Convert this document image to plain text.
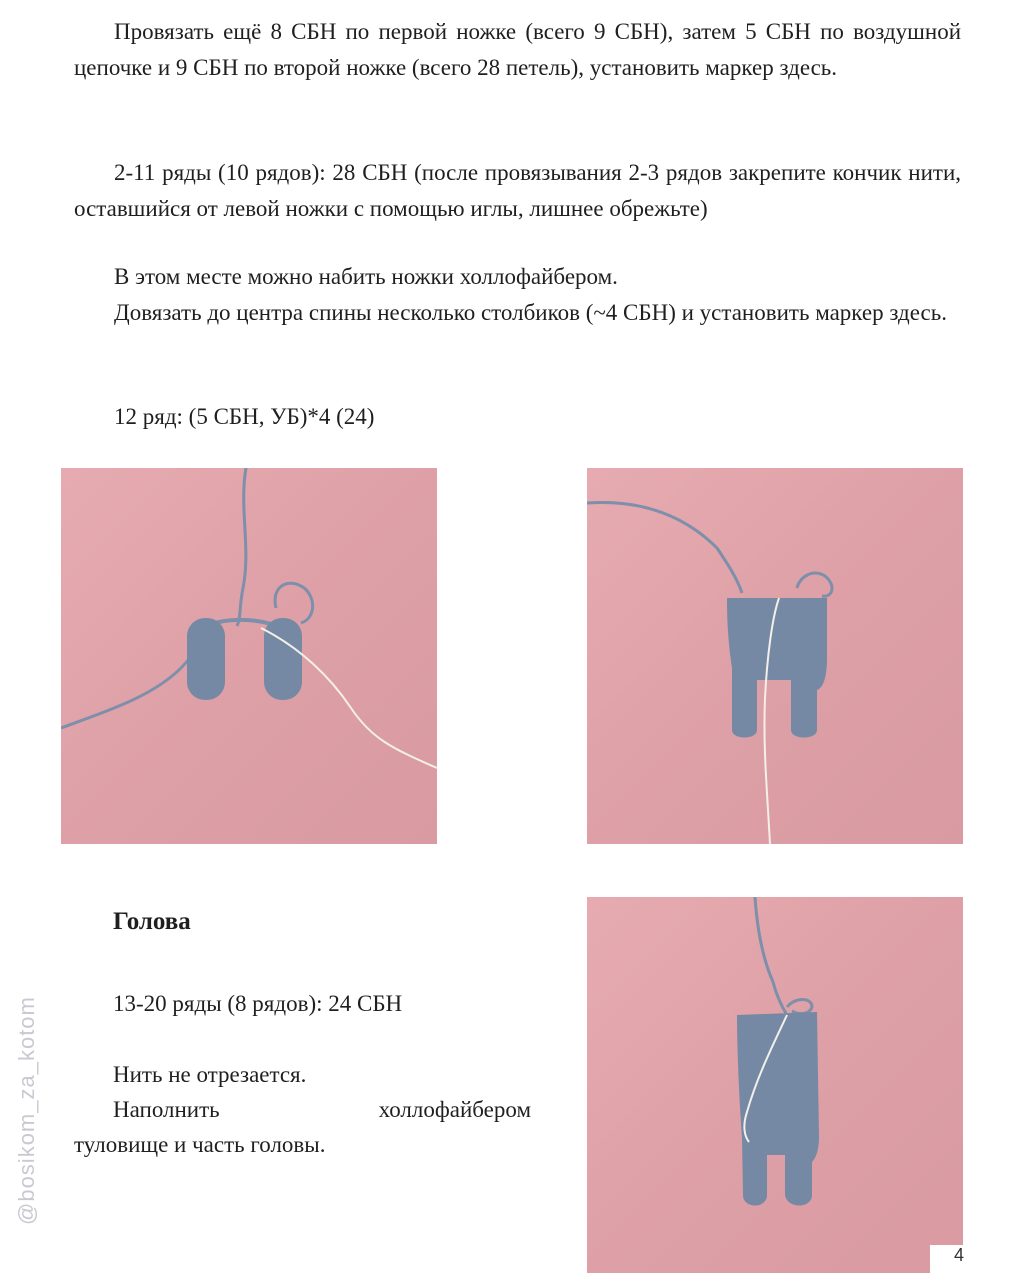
Провязать ещё 8 СБН по первой ножке (всего 9 СБН), затем 5 СБН по воздушной цепочке и 9 СБН по второй ножке (всего 28 петель), установить маркер здесь.

2-11 ряды (10 рядов): 28 СБН (после провязывания 2-3 рядов закрепите кончик нити, оставшийся от левой ножки с помощью иглы, лишнее обрежьте)

В этом месте можно набить ножки холлофайбером.

Довязать до центра спины несколько столбиков (~4 СБН) и установить маркер здесь.

12 ряд: (5 СБН, УБ)*4 (24)

Голова

13-20 ряды (8 рядов): 24 СБН

Нить не отрезается.

Наполнить холлофайбером

туловище и часть головы.

@bosikom_za_kotom
4
